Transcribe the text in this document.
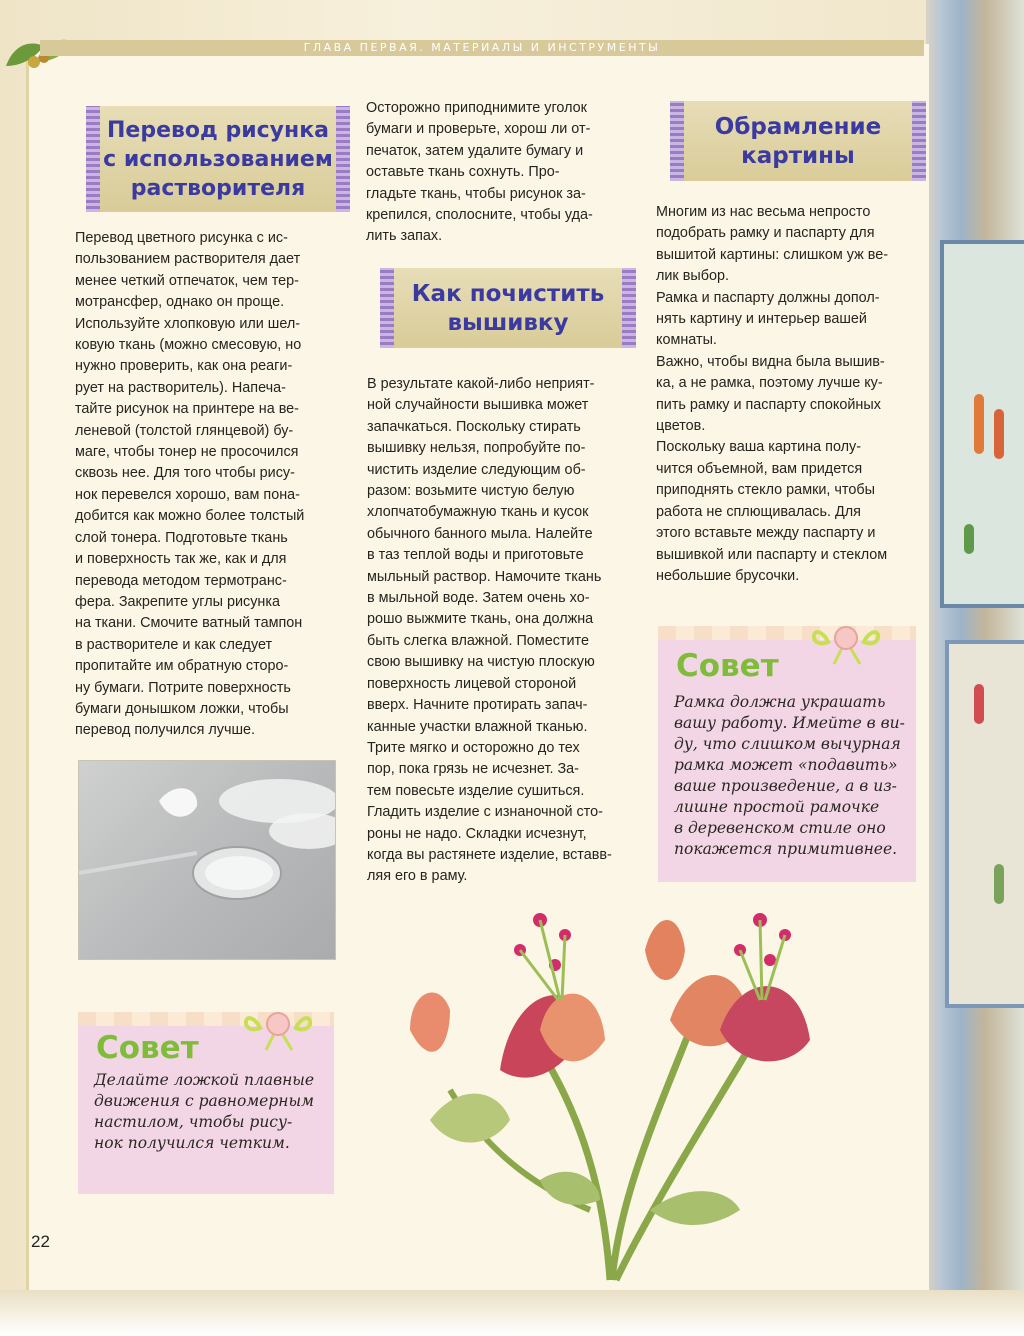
ГЛАВА ПЕРВАЯ. МАТЕРИАЛЫ И ИНСТРУМЕНТЫ
Перевод рисунка
с использованием
растворителя
Перевод цветного рисунка с ис-
пользованием растворителя дает
менее четкий отпечаток, чем тер-
мотрансфер, однако он проще.
Используйте хлопковую или шел-
ковую ткань (можно смесовую, но
нужно проверить, как она реаги-
рует на растворитель). Напеча-
тайте рисунок на принтере на ве-
леневой (толстой глянцевой) бу-
маге, чтобы тонер не просочился
сквозь нее. Для того чтобы рису-
нок перевелся хорошо, вам пона-
добится как можно более толстый
слой тонера. Подготовьте ткань
и поверхность так же, как и для
перевода методом термотранс-
фера. Закрепите углы рисунка
на ткани. Смочите ватный тампон
в растворителе и как следует
пропитайте им обратную сторо-
ну бумаги. Потрите поверхность
бумаги донышком ложки, чтобы
перевод получился лучше.
Осторожно приподнимите уголок
бумаги и проверьте, хорош ли от-
печаток, затем удалите бумагу и
оставьте ткань сохнуть. Про-
гладьте ткань, чтобы рисунок за-
крепился, сполосните, чтобы уда-
лить запах.
Как почистить
вышивку
В результате какой-либо неприят-
ной случайности вышивка может
запачкаться. Поскольку стирать
вышивку нельзя, попробуйте по-
чистить изделие следующим об-
разом: возьмите чистую белую
хлопчатобумажную ткань и кусок
обычного банного мыла. Налейте
в таз теплой воды и приготовьте
мыльный раствор. Намочите ткань
в мыльной воде. Затем очень хо-
рошо выжмите ткань, она должна
быть слегка влажной. Поместите
свою вышивку на чистую плоскую
поверхность лицевой стороной
вверх. Начните протирать запач-
канные участки влажной тканью.
Трите мягко и осторожно до тех
пор, пока грязь не исчезнет. За-
тем повесьте изделие сушиться.
Гладить изделие с изнаночной сто-
роны не надо. Складки исчезнут,
когда вы растянете изделие, вставв-
ляя его в раму.
Обрамление
картины
Многим из нас весьма непросто
подобрать рамку и паспарту для
вышитой картины: слишком уж ве-
лик выбор.
Рамка и паспарту должны допол-
нять картину и интерьер вашей
комнаты.
Важно, чтобы видна была вышив-
ка, а не рамка, поэтому лучше ку-
пить рамку и паспарту спокойных
цветов.
Поскольку ваша картина полу-
чится объемной, вам придется
приподнять стекло рамки, чтобы
работа не сплющивалась. Для
этого вставьте между паспарту и
вышивкой или паспарту и стеклом
небольшие брусочки.
Совет
Делайте ложкой плавные
движения с равномерным
настилом, чтобы рису-
нок получился четким.
Совет
Рамка должна украшать
вашу работу. Имейте в ви-
ду, что слишком вычурная
рамка может «подавить»
ваше произведение, а в из-
лишне простой рамочке
в деревенском стиле оно
покажется примитивнее.
22
